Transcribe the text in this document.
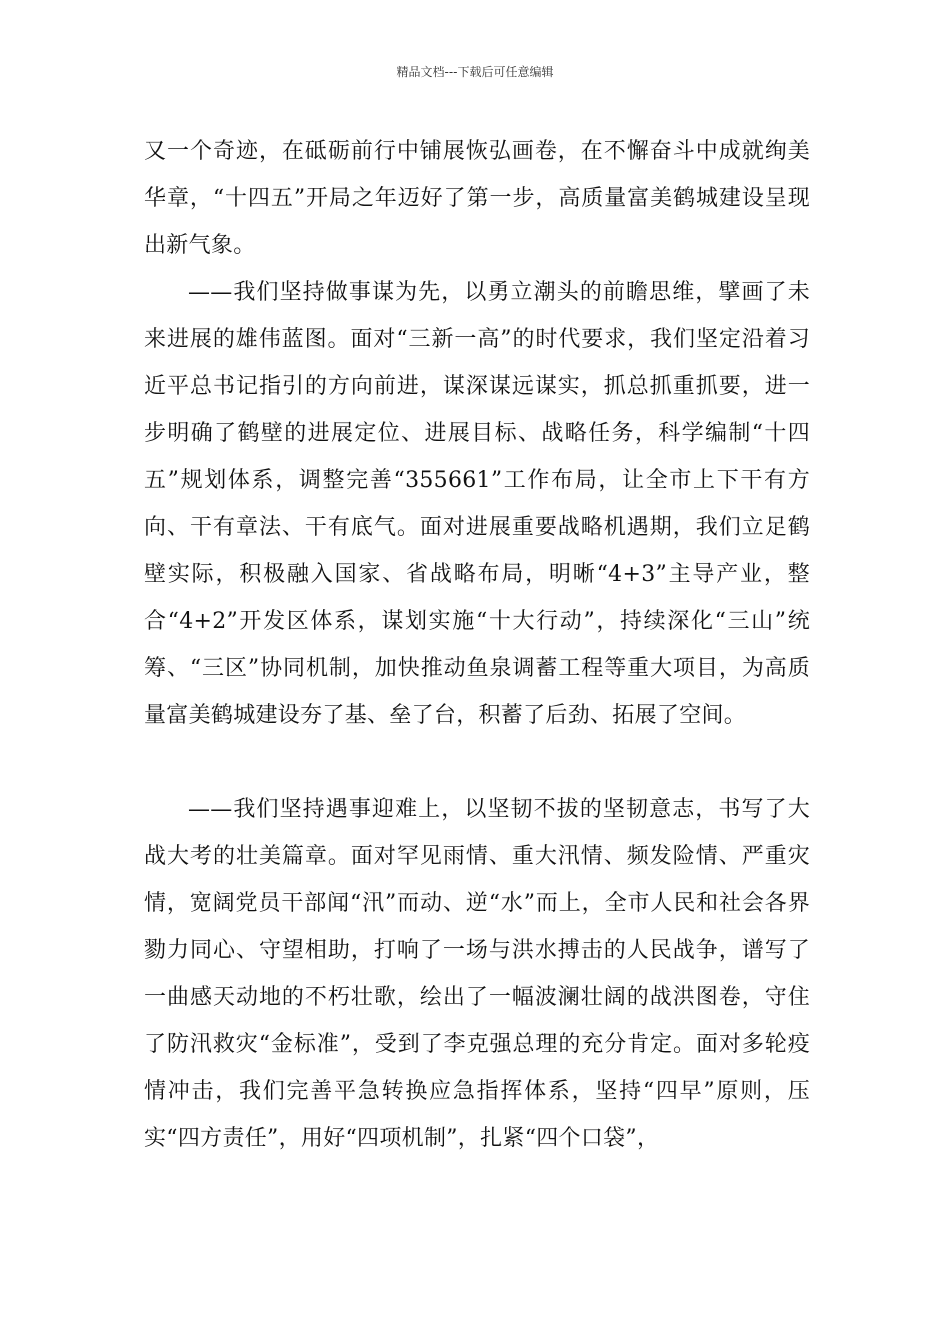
精品文档---下载后可任意编辑

又一个奇迹，在砥砺前行中铺展恢弘画卷，在不懈奋斗中成就绚美华章，“十四五”开局之年迈好了第一步，高质量富美鹤城建设呈现出新气象。

——我们坚持做事谋为先，以勇立潮头的前瞻思维，擘画了未来进展的雄伟蓝图。面对“三新一高”的时代要求，我们坚定沿着习近平总书记指引的方向前进，谋深谋远谋实，抓总抓重抓要，进一步明确了鹤壁的进展定位、进展目标、战略任务，科学编制“十四五”规划体系，调整完善“355661”工作布局，让全市上下干有方向、干有章法、干有底气。面对进展重要战略机遇期，我们立足鹤壁实际，积极融入国家、省战略布局，明晰“4+3”主导产业，整合“4+2”开发区体系，谋划实施“十大行动”，持续深化“三山”统筹、“三区”协同机制，加快推动鱼泉调蓄工程等重大项目，为高质量富美鹤城建设夯了基、垒了台，积蓄了后劲、拓展了空间。

——我们坚持遇事迎难上，以坚韧不拔的坚韧意志，书写了大战大考的壮美篇章。面对罕见雨情、重大汛情、频发险情、严重灾情，宽阔党员干部闻“汛”而动、逆“水”而上，全市人民和社会各界勠力同心、守望相助，打响了一场与洪水搏击的人民战争，谱写了一曲感天动地的不朽壮歌，绘出了一幅波澜壮阔的战洪图卷，守住了防汛救灾“金标准”，受到了李克强总理的充分肯定。面对多轮疫情冲击，我们完善平急转换应急指挥体系，坚持“四早”原则，压实“四方责任”，用好“四项机制”，扎紧“四个口袋”，
